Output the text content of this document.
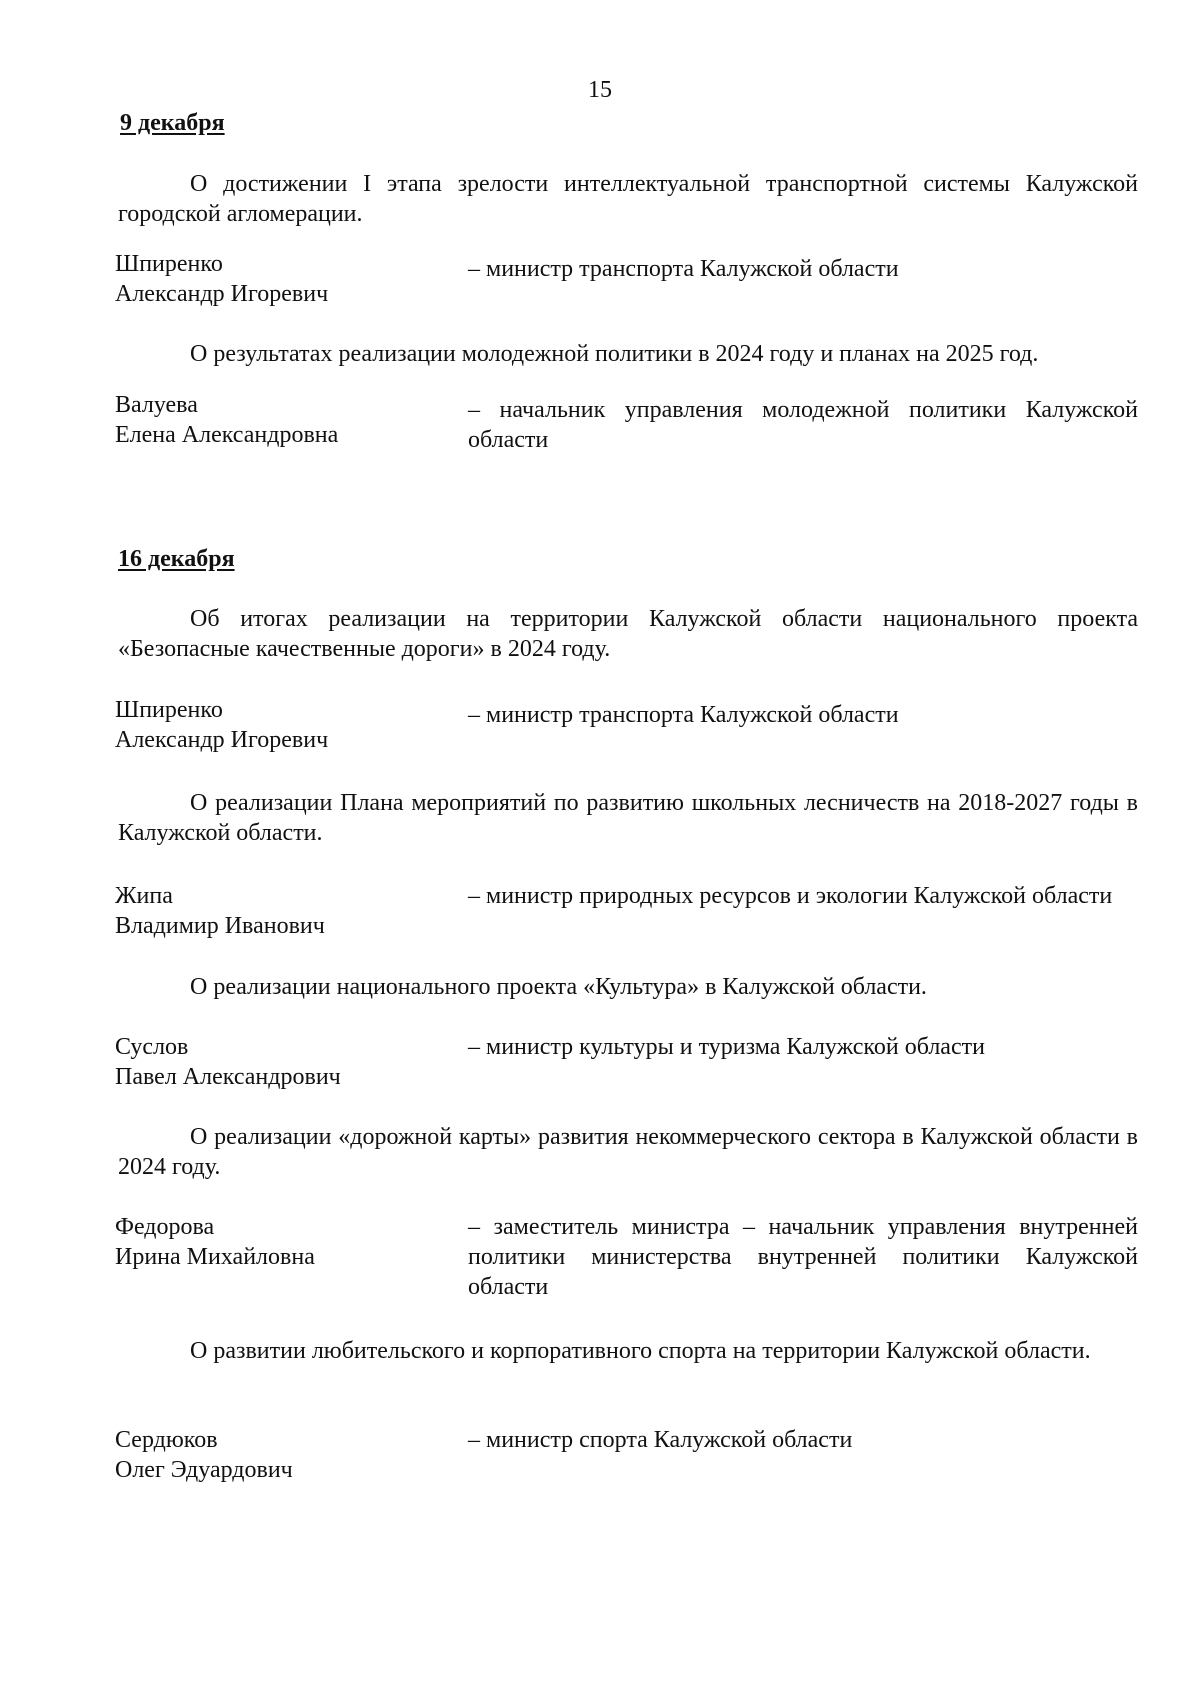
15
9 декабря
О достижении I этапа зрелости интеллектуальной транспортной системы Калужской городской агломерации.
Шпиренко
Александр Игоревич
– министр транспорта Калужской области
О результатах реализации молодежной политики в 2024 году и планах на 2025 год.
Валуева
Елена Александровна
– начальник управления молодежной политики Калужской области
16 декабря
Об итогах реализации на территории Калужской области национального проекта «Безопасные качественные дороги» в 2024 году.
Шпиренко
Александр Игоревич
– министр транспорта Калужской области
О реализации Плана мероприятий по развитию школьных лесничеств на 2018-2027 годы в Калужской области.
Жипа
Владимир Иванович
– министр природных ресурсов и экологии Калужской области
О реализации национального проекта «Культура» в Калужской области.
Суслов
Павел Александрович
– министр культуры и туризма Калужской области
О реализации «дорожной карты» развития некоммерческого сектора в Калужской области в 2024 году.
Федорова
Ирина Михайловна
– заместитель министра – начальник управления внутренней политики министерства внутренней политики Калужской области
О развитии любительского и корпоративного спорта на территории Калужской области.
Сердюков
Олег Эдуардович
– министр спорта Калужской области
